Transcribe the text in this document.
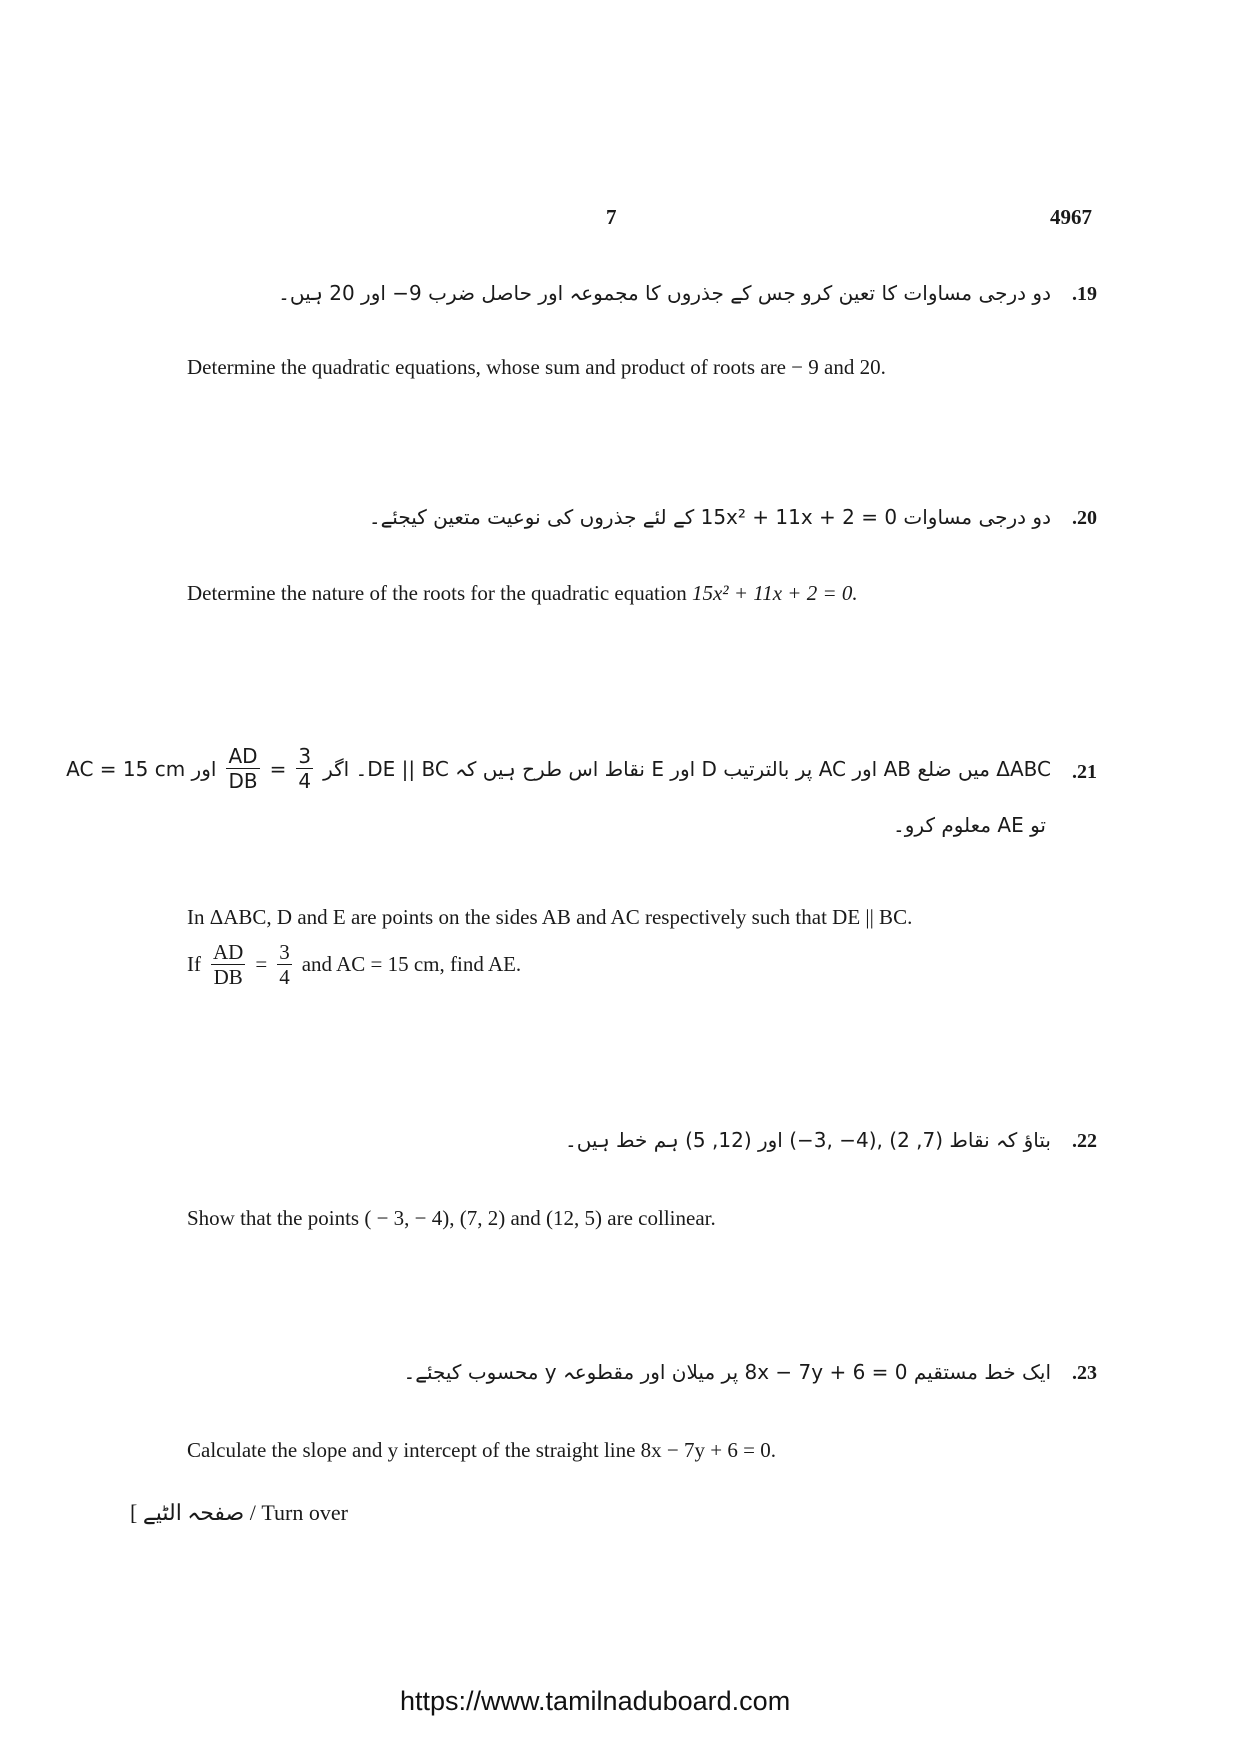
7	4967
.19
دو درجی مساوات کا تعین کرو جس کے جذروں کا مجموعہ اور حاصل ضرب 9− اور 20 ہیں۔
Determine the quadratic equations, whose sum and product of roots are − 9 and 20.
.20
دو درجی مساوات 15x² + 11x + 2 = 0 کے لئے جذروں کی نوعیت متعین کیجئے۔
Determine the nature of the roots for the quadratic equation 15x² + 11x + 2 = 0.
.21
ΔABC میں ضلع AB اور AC پر بالترتیب D اور E نقاط اس طرح ہیں کہ DE || BC۔ اگر
$\frac{3}{4}$
=
$\frac{AD}{DB}$
اور AC = 15 cm
تو AE معلوم کرو۔
In ΔABC, D and E are points on the sides AB and AC respectively such that DE || BC.
If $\frac{AD}{DB} = \frac{3}{4}$ and AC = 15 cm, find AE.
.22
بتاؤ کہ نقاط (7, 2) ,(4− ,3−) اور (12, 5) ہم خط ہیں۔
Show that the points ( − 3, − 4), (7, 2) and (12, 5) are collinear.
.23
ایک خط مستقیم 8x − 7y + 6 = 0 پر میلان اور مقطوعہ y محسوب کیجئے۔
Calculate the slope and y intercept of the straight line 8x − 7y + 6 = 0.
[ صفحہ الٹیے / Turn over
https://www.tamilnaduboard.com
